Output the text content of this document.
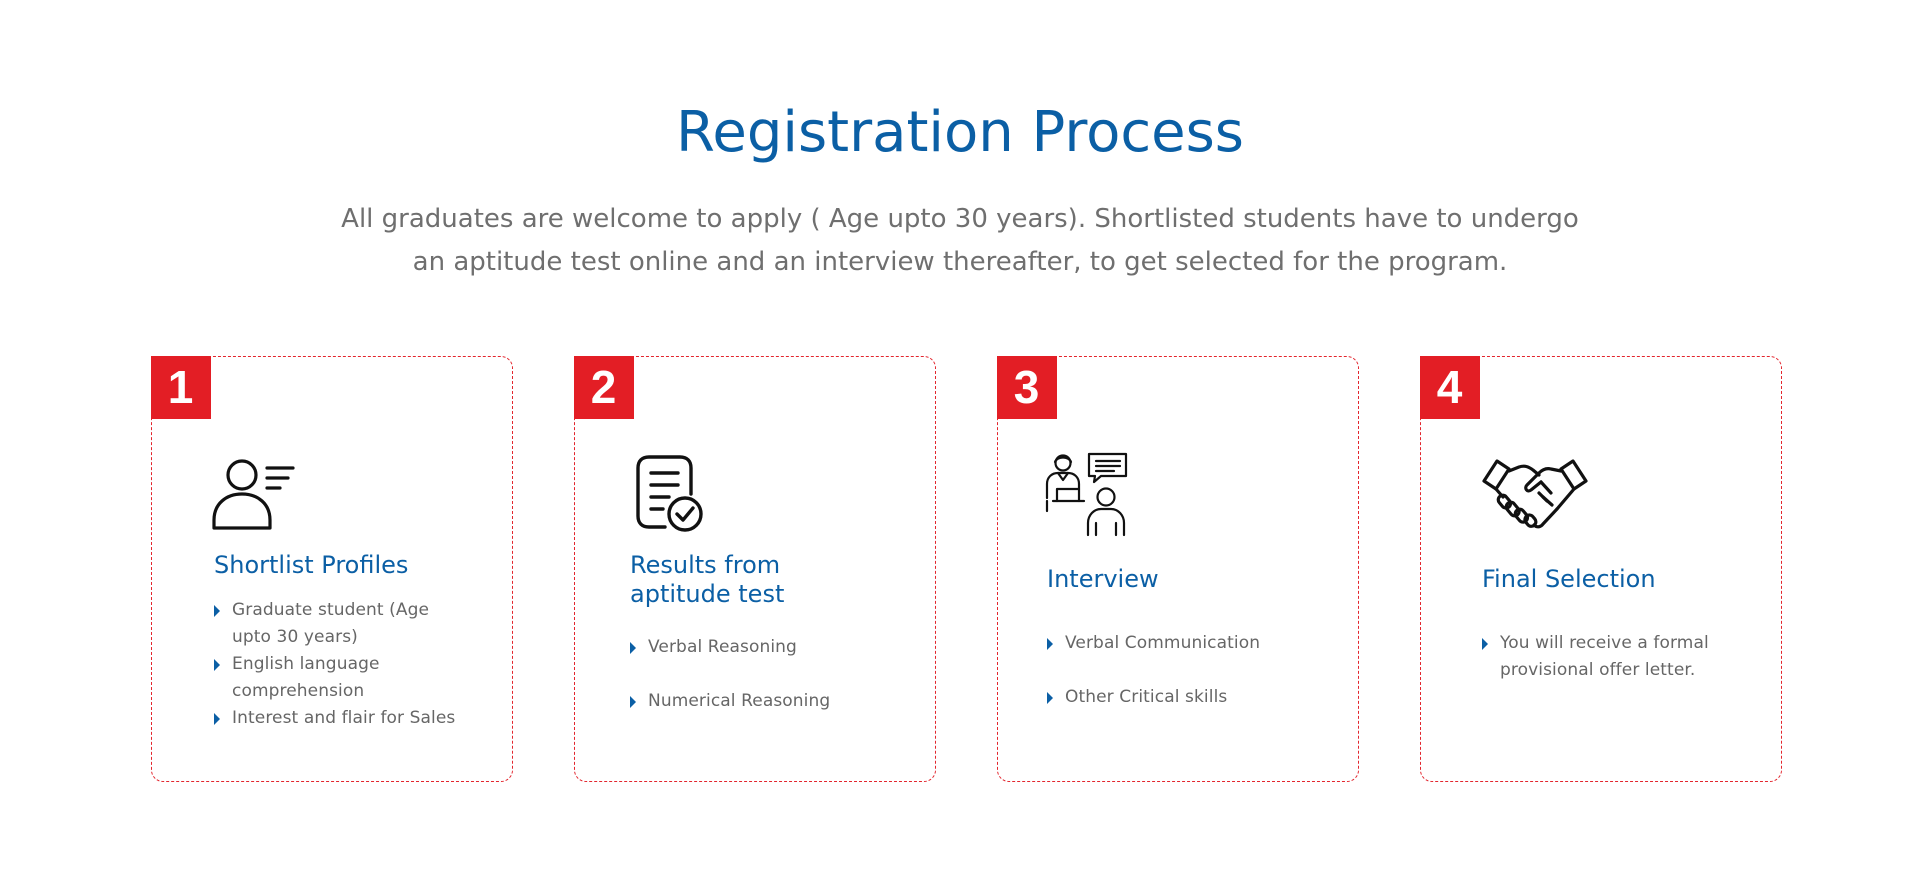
Registration Process

All graduates are welcome to apply ( Age upto 30 years). Shortlisted students have to undergo
an aptitude test online and an interview thereafter, to get selected for the program.

1
Shortlist Profiles
Graduate student (Age
upto 30 years)
English language
comprehension
Interest and flair for Sales
2
Results from
aptitude test
Verbal Reasoning
Numerical Reasoning
3
Interview
Verbal Communication
Other Critical skills
4
Final Selection
You will receive a formal
provisional offer letter.
